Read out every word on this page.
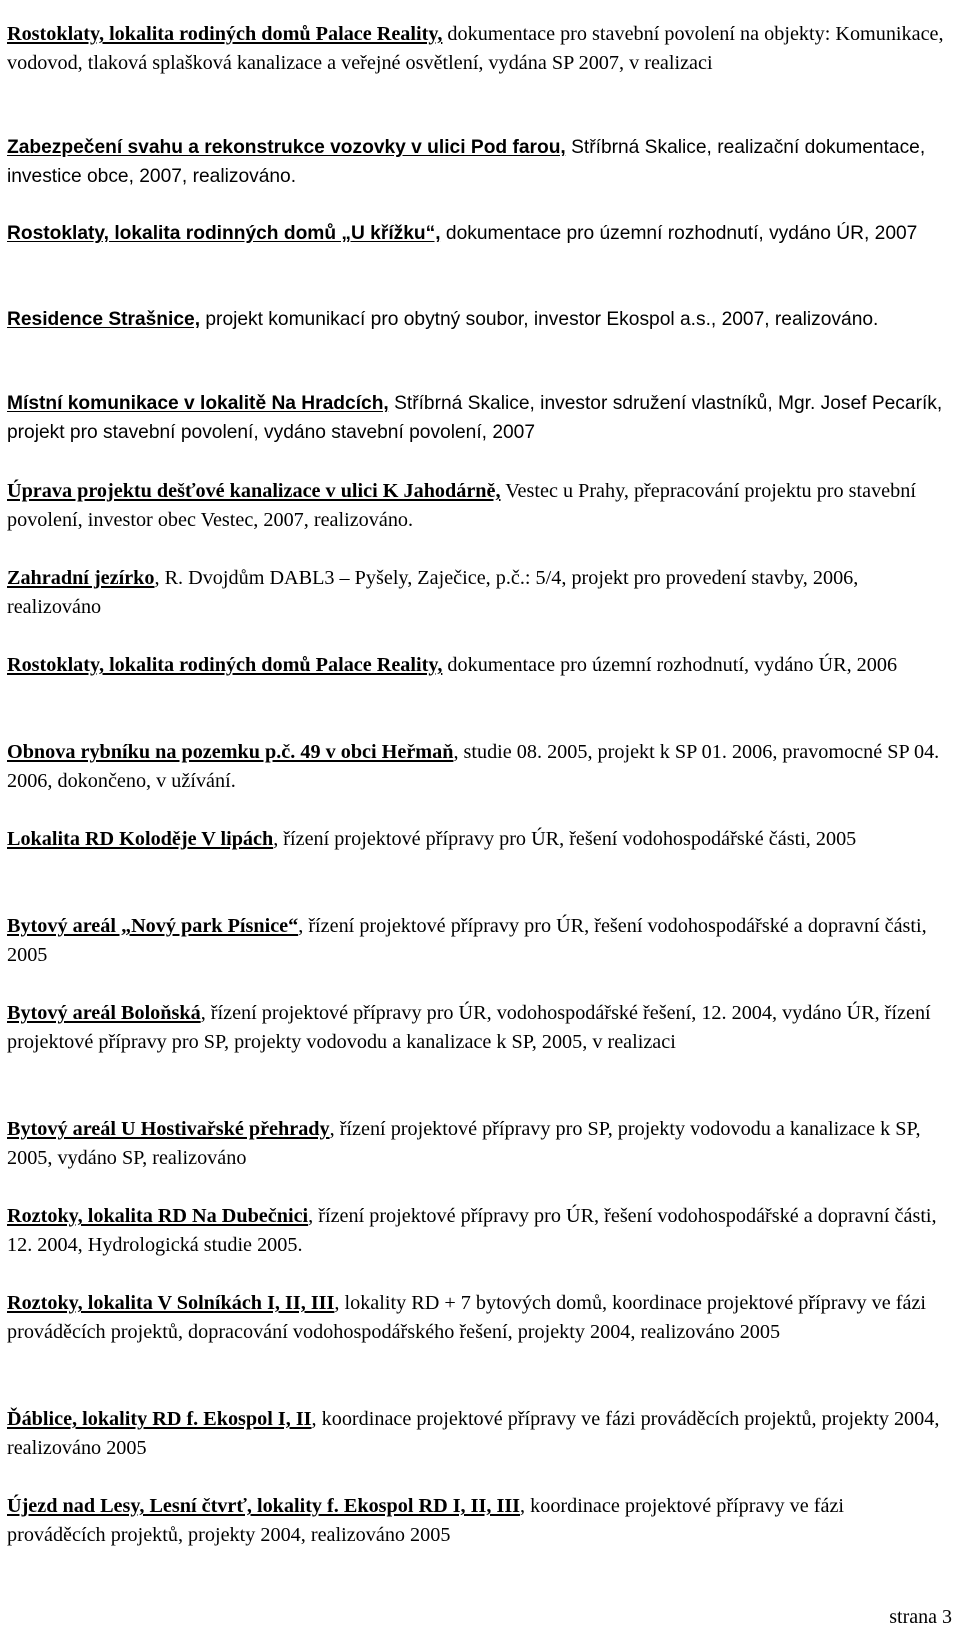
Rostoklaty, lokalita rodiných domů Palace Reality, dokumentace pro stavební povolení na objekty: Komunikace, vodovod, tlaková splašková kanalizace a veřejné osvětlení, vydána SP 2007, v realizaci

Zabezpečení svahu a rekonstrukce vozovky v ulici Pod farou, Stříbrná Skalice, realizační dokumentace, investice obce, 2007, realizováno.

Rostoklaty, lokalita rodinných domů „U křížku“, dokumentace pro územní rozhodnutí, vydáno ÚR, 2007

Residence Strašnice, projekt komunikací pro obytný soubor, investor Ekospol a.s., 2007, realizováno.

Místní komunikace v lokalitě Na Hradcích, Stříbrná Skalice, investor sdružení vlastníků, Mgr. Josef Pecarík, projekt pro stavební povolení, vydáno stavební povolení, 2007

Úprava projektu dešťové kanalizace v ulici K Jahodárně, Vestec u Prahy, přepracování projektu pro stavební povolení, investor obec Vestec, 2007, realizováno.

Zahradní jezírko, R. Dvojdům DABL3 – Pyšely, Zaječice, p.č.: 5/4, projekt pro provedení stavby, 2006, realizováno

Rostoklaty, lokalita rodiných domů Palace Reality, dokumentace pro územní rozhodnutí, vydáno ÚR, 2006

Obnova rybníku na pozemku p.č. 49 v obci Heřmaň, studie 08. 2005, projekt k SP 01. 2006, pravomocné SP 04. 2006, dokončeno, v užívání.

Lokalita RD Koloděje V lipách, řízení projektové přípravy pro ÚR, řešení vodohospodářské části, 2005

Bytový areál „Nový park Písnice“, řízení projektové přípravy pro ÚR, řešení vodohospodářské a dopravní části, 2005

Bytový areál Boloňská, řízení projektové přípravy pro ÚR, vodohospodářské řešení, 12. 2004, vydáno ÚR, řízení projektové přípravy pro SP, projekty vodovodu a kanalizace k SP, 2005, v realizaci

Bytový areál U Hostivařské přehrady, řízení projektové přípravy pro SP, projekty vodovodu a kanalizace k SP, 2005, vydáno SP, realizováno

Roztoky, lokalita RD Na Dubečnici, řízení projektové přípravy pro ÚR, řešení vodohospodářské a dopravní části, 12. 2004, Hydrologická studie 2005.

Roztoky, lokalita V Solníkách I, II, III, lokality RD + 7 bytových domů, koordinace projektové přípravy ve fázi prováděcích projektů, dopracování vodohospodářského řešení, projekty 2004, realizováno 2005

Ďáblice, lokality RD f. Ekospol I, II, koordinace projektové přípravy ve fázi prováděcích projektů, projekty 2004, realizováno 2005

Újezd nad Lesy, Lesní čtvrť, lokality f. Ekospol RD I, II, III, koordinace projektové přípravy ve fázi prováděcích projektů, projekty 2004, realizováno 2005

strana 3
